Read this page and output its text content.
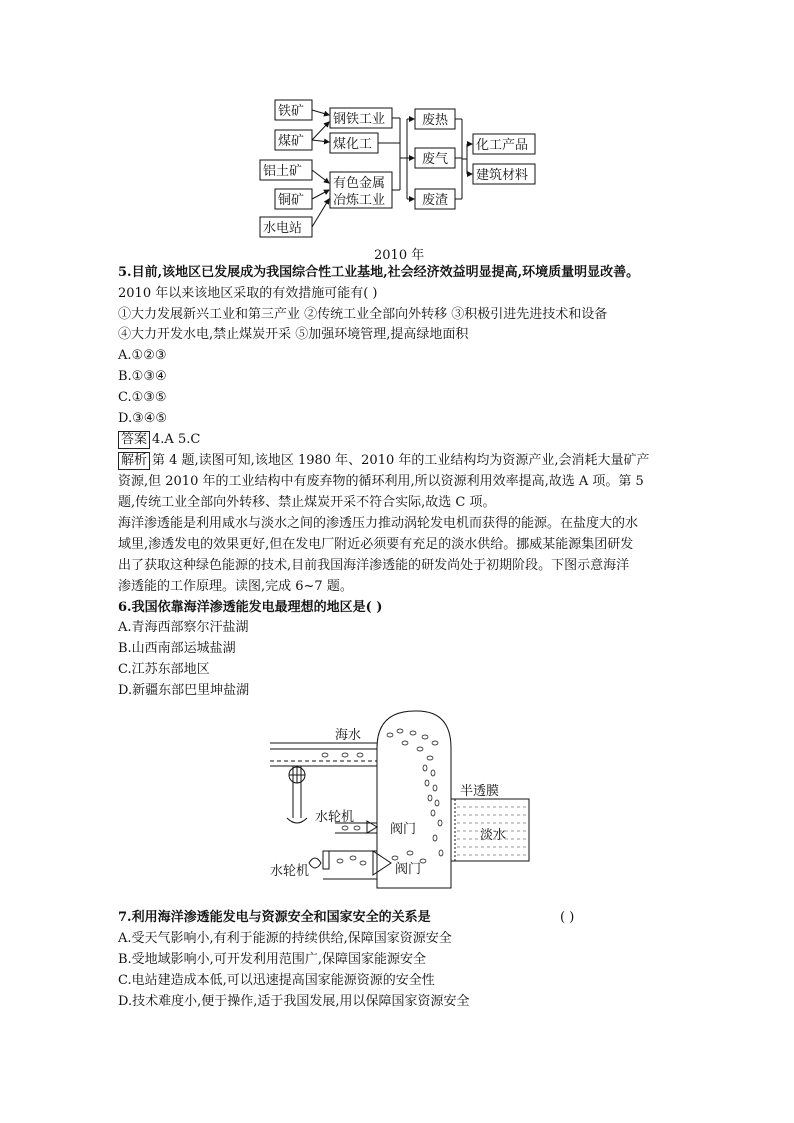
铁矿
煤矿
铝土矿
铜矿
水电站
钢铁工业
煤化工
有色金属
冶炼工业
废热
废气
废渣
化工产品
建筑材料
2010 年
5.目前,该地区已发展成为我国综合性工业基地,社会经济效益明显提高,环境质量明显改善。
2010 年以来该地区采取的有效措施可能有( )
①大力发展新兴工业和第三产业 ②传统工业全部向外转移 ③积极引进先进技术和设备
④大力开发水电,禁止煤炭开采 ⑤加强环境管理,提高绿地面积
A.①②③
B.①③④
C.①③⑤
D.③④⑤
答案 4.A 5.C
解析 第 4 题,读图可知,该地区 1980 年、2010 年的工业结构均为资源产业,会消耗大量矿产
资源,但 2010 年的工业结构中有废弃物的循环利用,所以资源利用效率提高,故选 A 项。第 5
题,传统工业全部向外转移、禁止煤炭开采不符合实际,故选 C 项。
海洋渗透能是利用咸水与淡水之间的渗透压力推动涡轮发电机而获得的能源。在盐度大的水
域里,渗透发电的效果更好,但在发电厂附近必须要有充足的淡水供给。挪威某能源集团研发
出了获取这种绿色能源的技术,目前我国海洋渗透能的研发尚处于初期阶段。下图示意海洋
渗透能的工作原理。读图,完成 6~7 题。
6.我国依靠海洋渗透能发电最理想的地区是( )
A.青海西部察尔汗盐湖
B.山西南部运城盐湖
C.江苏东部地区
D.新疆东部巴里坤盐湖
海水
水轮机
阀门
半透膜
淡水
水轮机	阀门
7.利用海洋渗透能发电与资源安全和国家安全的关系是	( )
A.受天气影响小,有利于能源的持续供给,保障国家资源安全
B.受地域影响小,可开发利用范围广,保障国家能源安全
C.电站建造成本低,可以迅速提高国家能源资源的安全性
D.技术难度小,便于操作,适于我国发展,用以保障国家资源安全
